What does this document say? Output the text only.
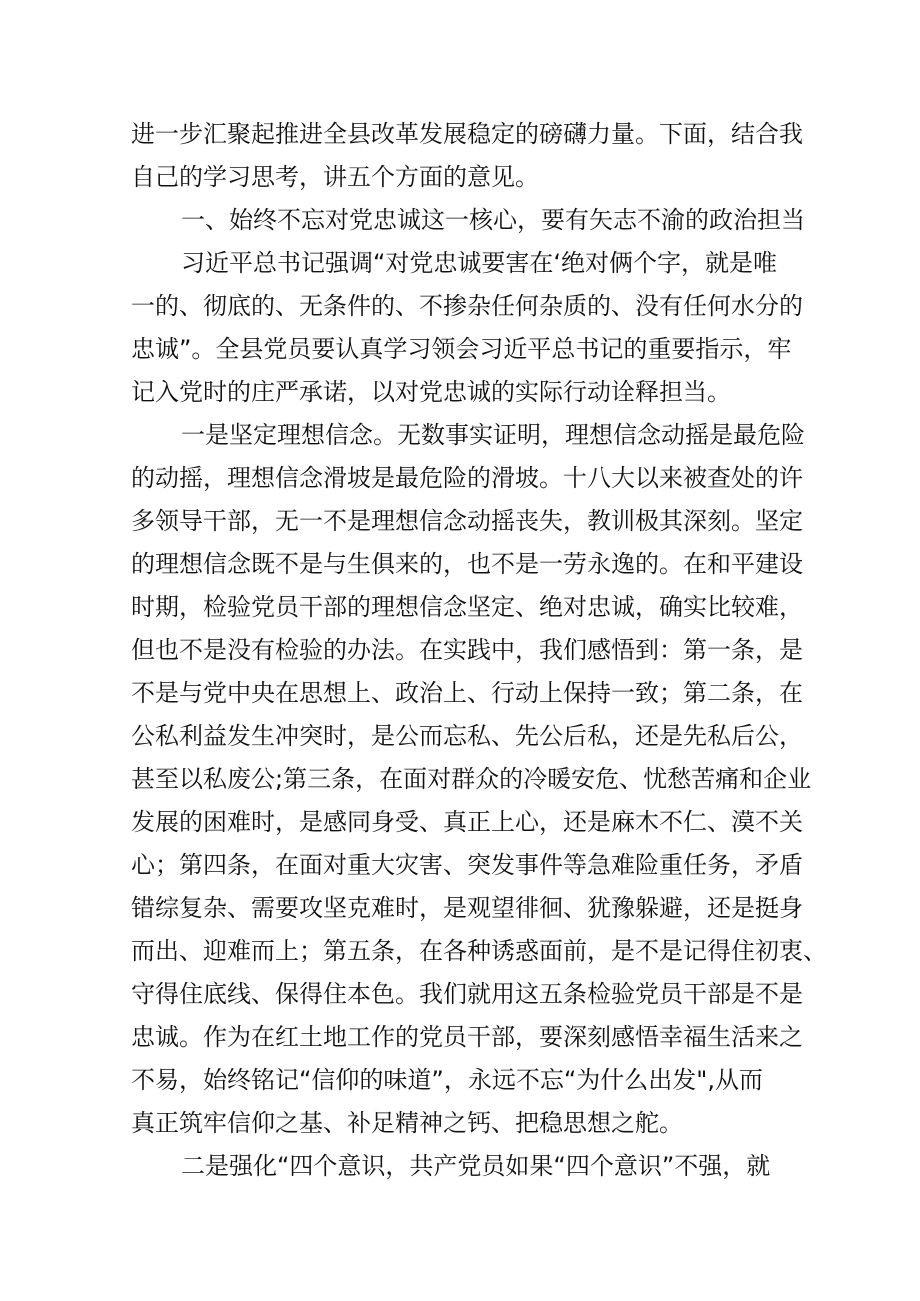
进一步汇聚起推进全县改革发展稳定的磅礴力量。下面，结合我
自己的学习思考，讲五个方面的意见。
一、始终不忘对党忠诚这一核心，要有矢志不渝的政治担当
习近平总书记强调“对党忠诚要害在‘绝对俩个字，就是唯
一的、彻底的、无条件的、不掺杂任何杂质的、没有任何水分的
忠诚”。全县党员要认真学习领会习近平总书记的重要指示，牢
记入党时的庄严承诺，以对党忠诚的实际行动诠释担当。
一是坚定理想信念。无数事实证明，理想信念动摇是最危险
的动摇，理想信念滑坡是最危险的滑坡。十八大以来被查处的许
多领导干部，无一不是理想信念动摇丧失，教训极其深刻。坚定
的理想信念既不是与生俱来的，也不是一劳永逸的。在和平建设
时期，检验党员干部的理想信念坚定、绝对忠诚，确实比较难，
但也不是没有检验的办法。在实践中，我们感悟到：第一条，是
不是与党中央在思想上、政治上、行动上保持一致；第二条，在
公私利益发生冲突时，是公而忘私、先公后私，还是先私后公，
甚至以私废公;第三条，在面对群众的冷暖安危、忧愁苦痛和企业
发展的困难时，是感同身受、真正上心，还是麻木不仁、漠不关
心；第四条，在面对重大灾害、突发事件等急难险重任务，矛盾
错综复杂、需要攻坚克难时，是观望徘徊、犹豫躲避，还是挺身
而出、迎难而上；第五条，在各种诱惑面前，是不是记得住初衷、
守得住底线、保得住本色。我们就用这五条检验党员干部是不是
忠诚。作为在红土地工作的党员干部，要深刻感悟幸福生活来之
不易，始终铭记“信仰的味道”，永远不忘“为什么出发",从而
真正筑牢信仰之基、补足精神之钙、把稳思想之舵。
二是强化“四个意识，共产党员如果“四个意识”不强，就
